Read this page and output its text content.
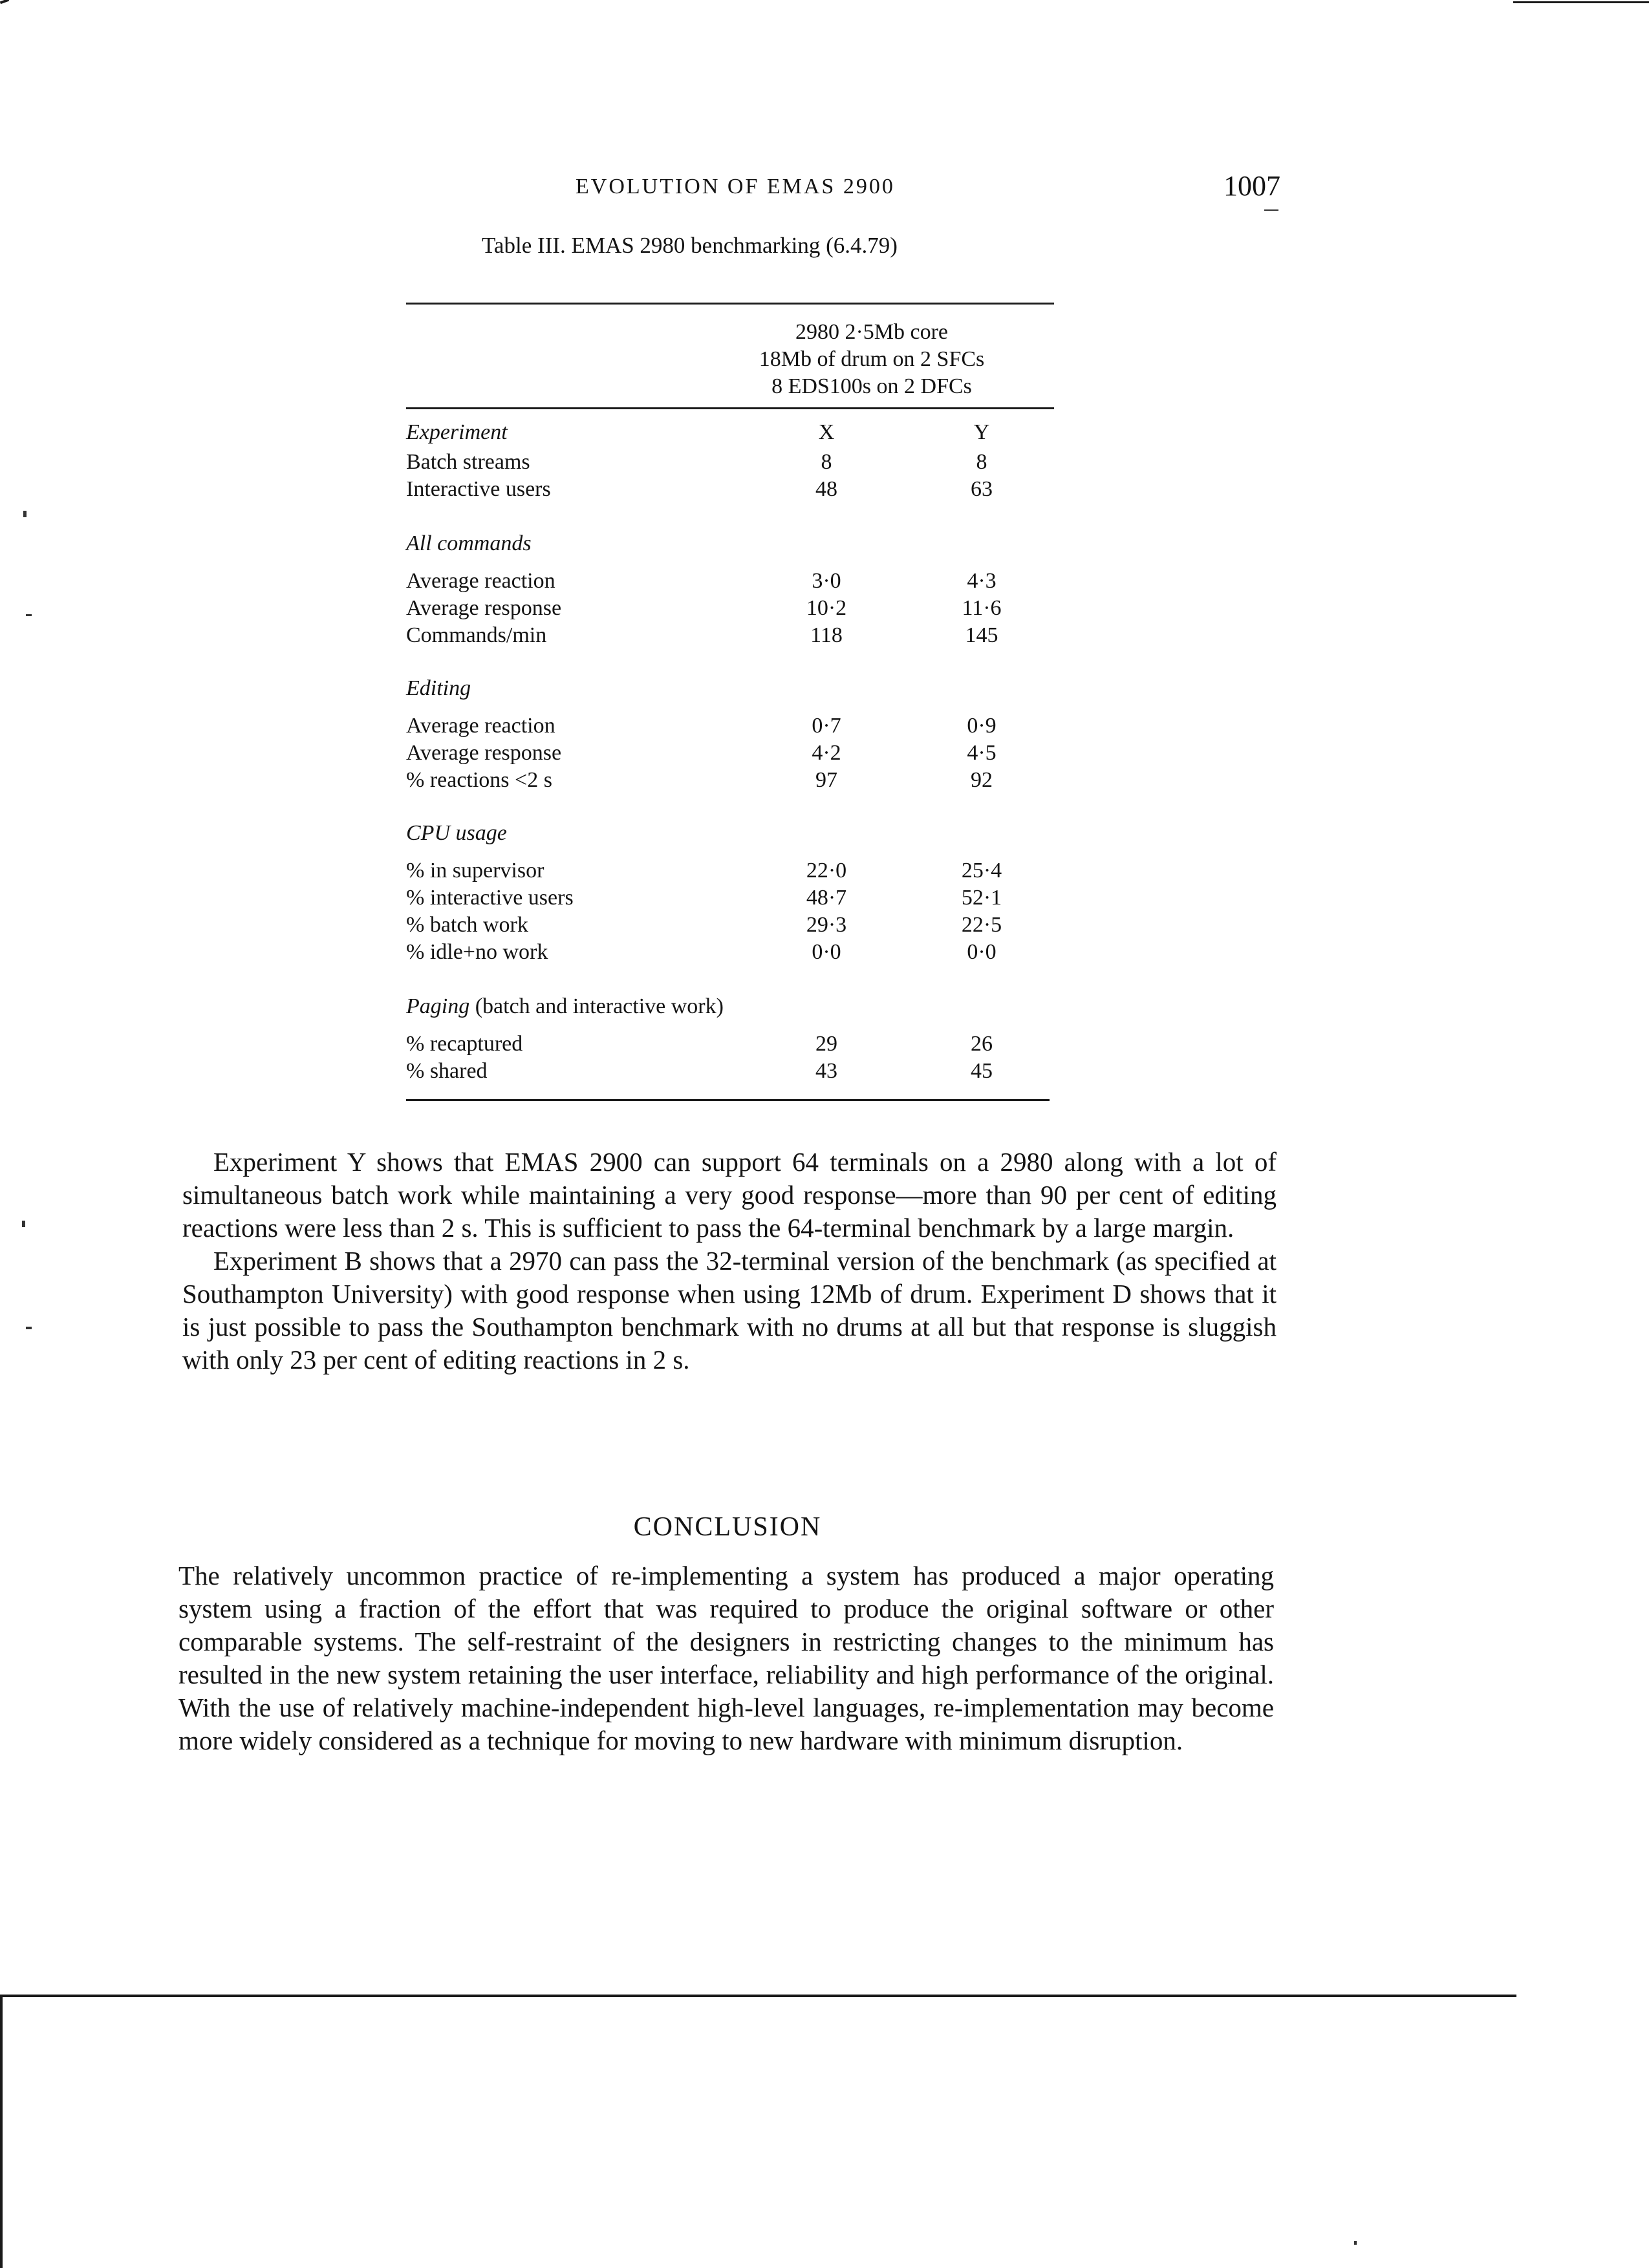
EVOLUTION OF EMAS 2900	1007
Table III. EMAS 2980 benchmarking (6.4.79)
2980 2·5Mb core
18Mb of drum on 2 SFCs
8 EDS100s on 2 DFCs
Experiment	X	Y
Batch streams	8	8
Interactive users	48	63
All commands
Average reaction	3·0	4·3
Average response	10·2	11·6
Commands/min	118	145
Editing
Average reaction	0·7	0·9
Average response	4·2	4·5
% reactions <2 s	97	92
CPU usage
% in supervisor	22·0	25·4
% interactive users	48·7	52·1
% batch work	29·3	22·5
% idle+no work	0·0	0·0
Paging (batch and interactive work)
% recaptured	29	26
% shared	43	45

Experiment Y shows that EMAS 2900 can support 64 terminals on a 2980 along with a lot of simultaneous batch work while maintaining a very good response—more than 90 per cent of editing reactions were less than 2 s. This is sufficient to pass the 64-terminal benchmark by a large margin.

Experiment B shows that a 2970 can pass the 32-terminal version of the benchmark (as specified at Southampton University) with good response when using 12Mb of drum. Experiment D shows that it is just possible to pass the Southampton benchmark with no drums at all but that response is sluggish with only 23 per cent of editing reactions in 2 s.

CONCLUSION

The relatively uncommon practice of re-implementing a system has produced a major operating system using a fraction of the effort that was required to produce the original software or other comparable systems. The self-restraint of the designers in restricting changes to the minimum has resulted in the new system retaining the user interface, reliability and high performance of the original. With the use of relatively machine-independent high-level languages, re-implementation may become more widely considered as a technique for moving to new hardware with minimum disruption.
